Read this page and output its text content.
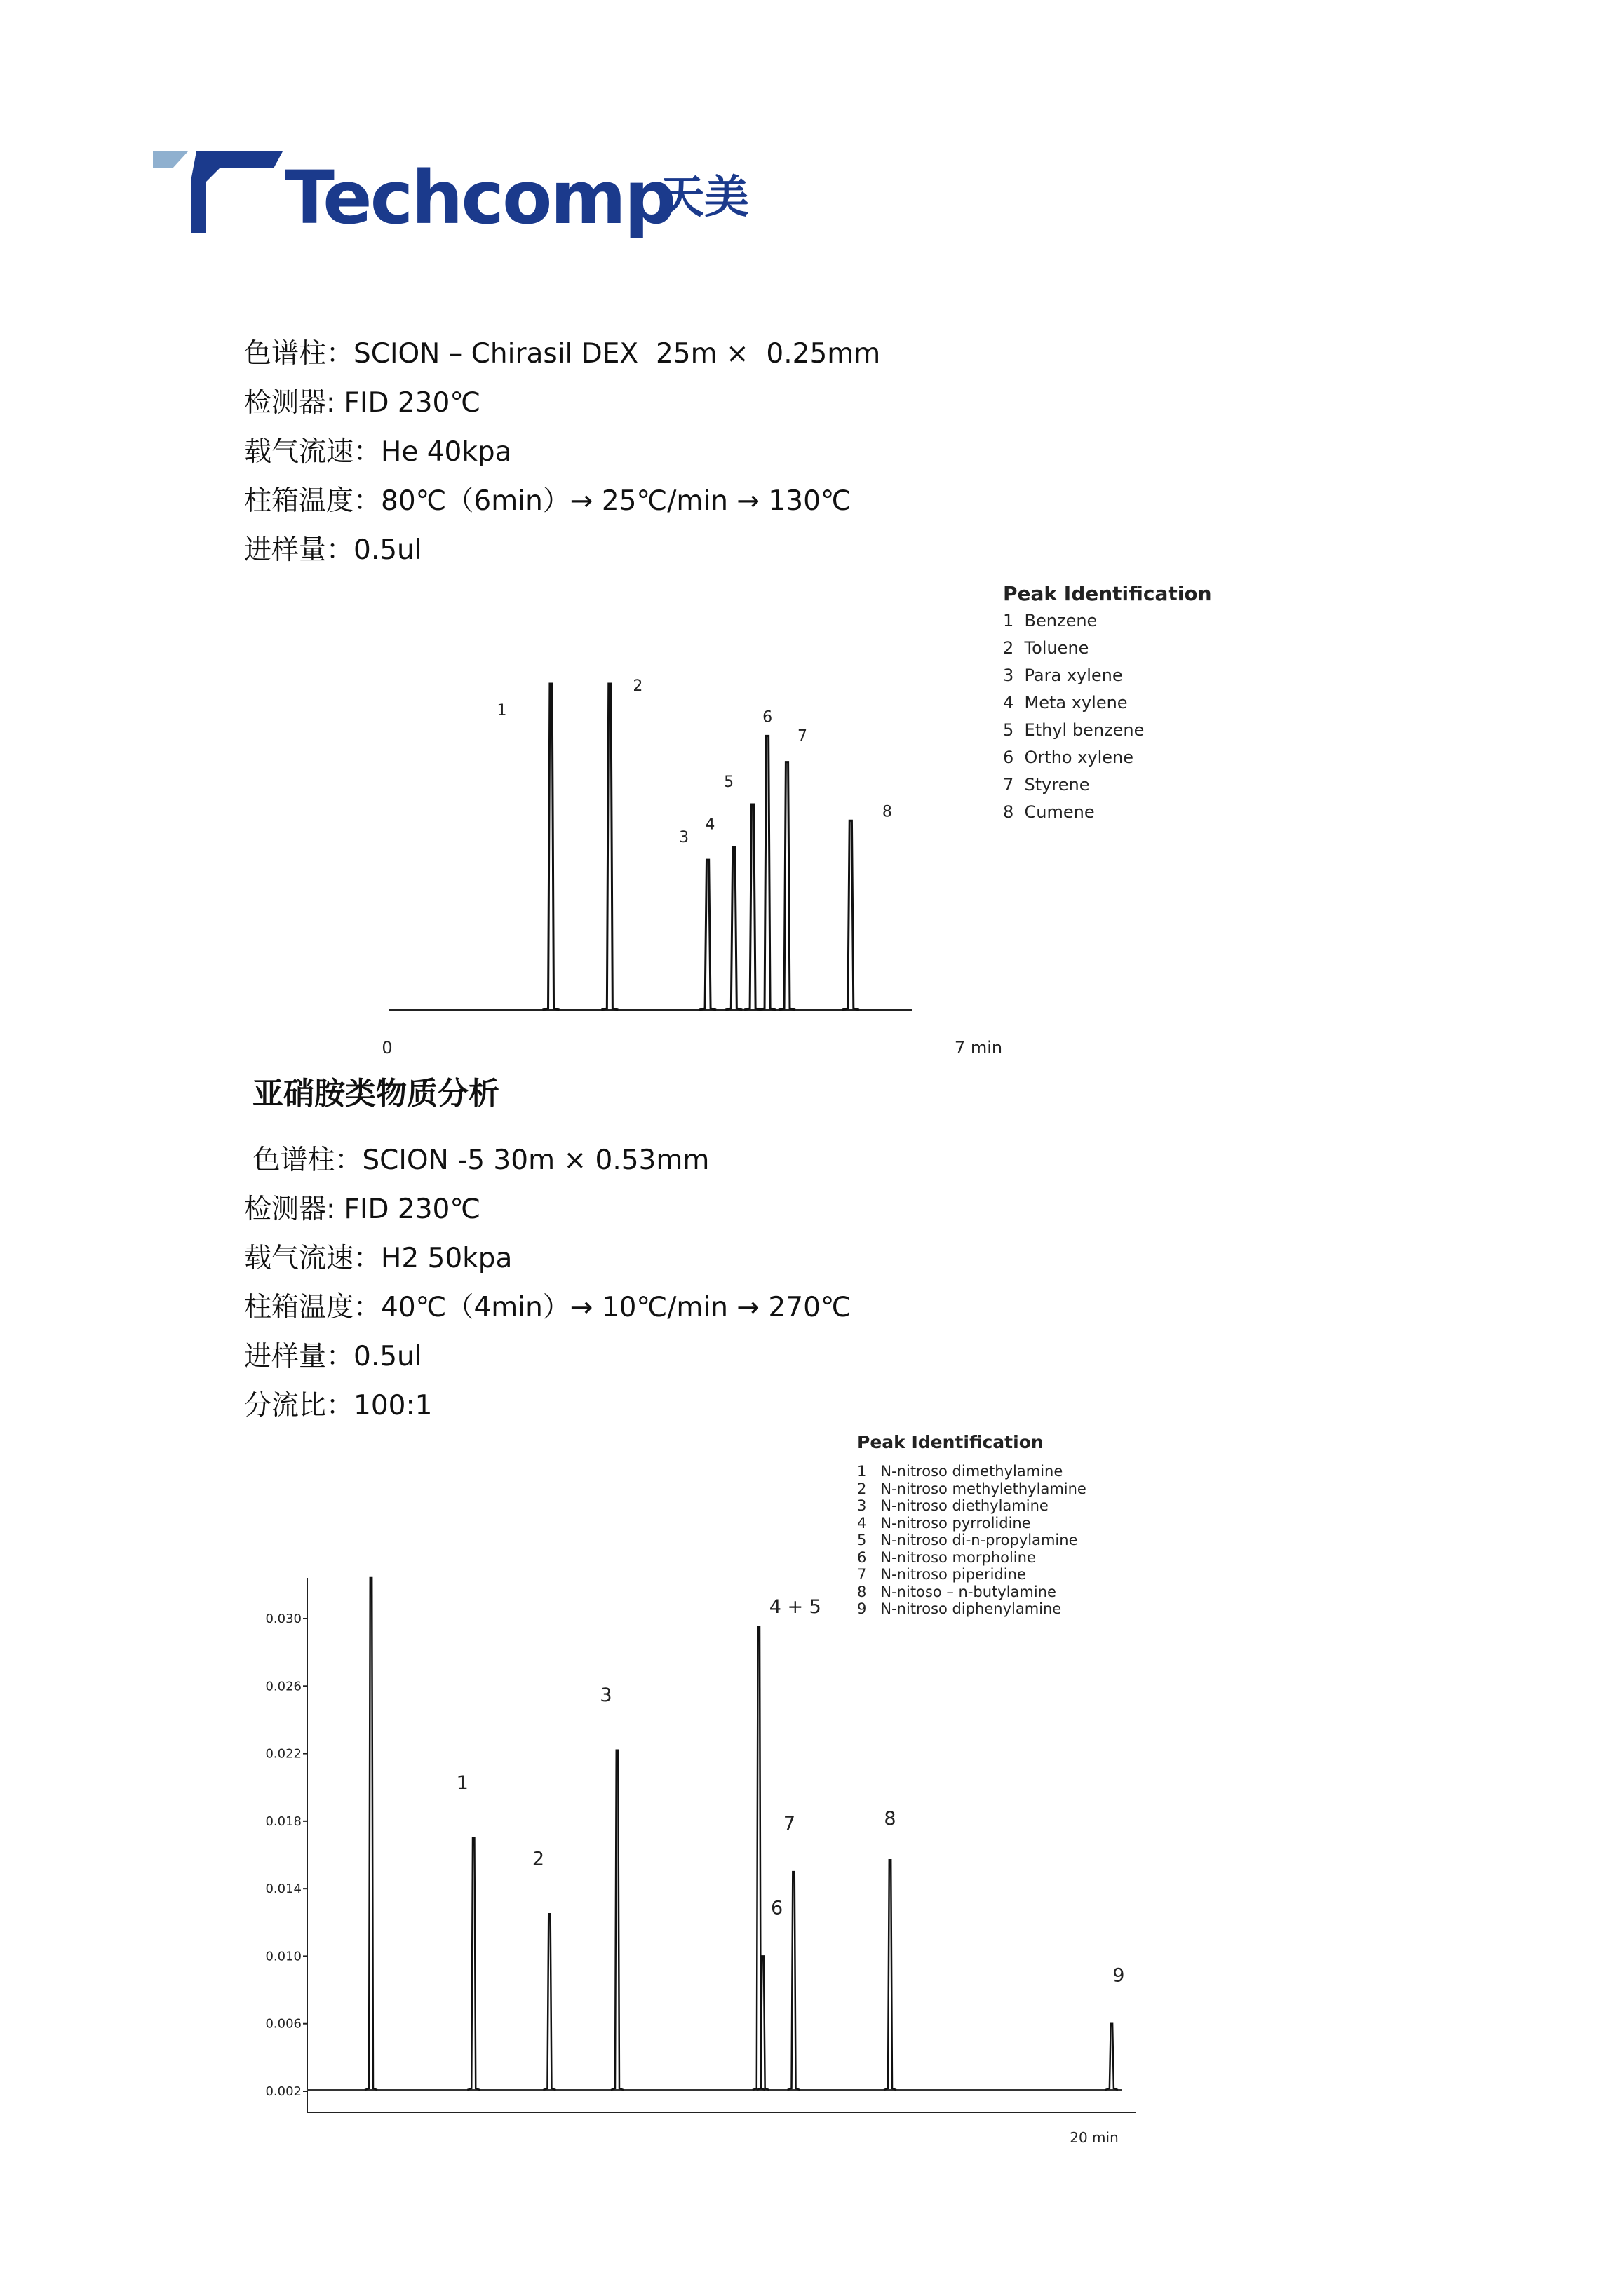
Techcomp
天美
色谱柱：SCION – Chirasil DEX  25m ×  0.25mm
检测器: FID 230℃
载气流速：He 40kpa
柱箱温度：80℃（6min）→ 25℃/min → 130℃
进样量：0.5ul
1
2
3
4
5
6
7
8
0	7 min
Peak Identification
1  Benzene
2  Toluene
3  Para xylene
4  Meta xylene
5  Ethyl benzene
6  Ortho xylene
7  Styrene
8  Cumene
亚硝胺类物质分析
色谱柱：SCION -5 30m × 0.53mm
检测器: FID 230℃
载气流速：H2 50kpa
柱箱温度：40℃（4min）→ 10℃/min → 270℃
进样量：0.5ul
分流比：100:1
0.030
0.026
0.022
0.018
0.014
0.010
0.006
0.002
1
2
3
4 + 5
6
7	8
9
20 min
Peak Identification
1   N-nitroso dimethylamine
2   N-nitroso methylethylamine
3   N-nitroso diethylamine
4   N-nitroso pyrrolidine
5   N-nitroso di-n-propylamine
6   N-nitroso morpholine
7   N-nitroso piperidine
8   N-nitoso – n-butylamine
9   N-nitroso diphenylamine
